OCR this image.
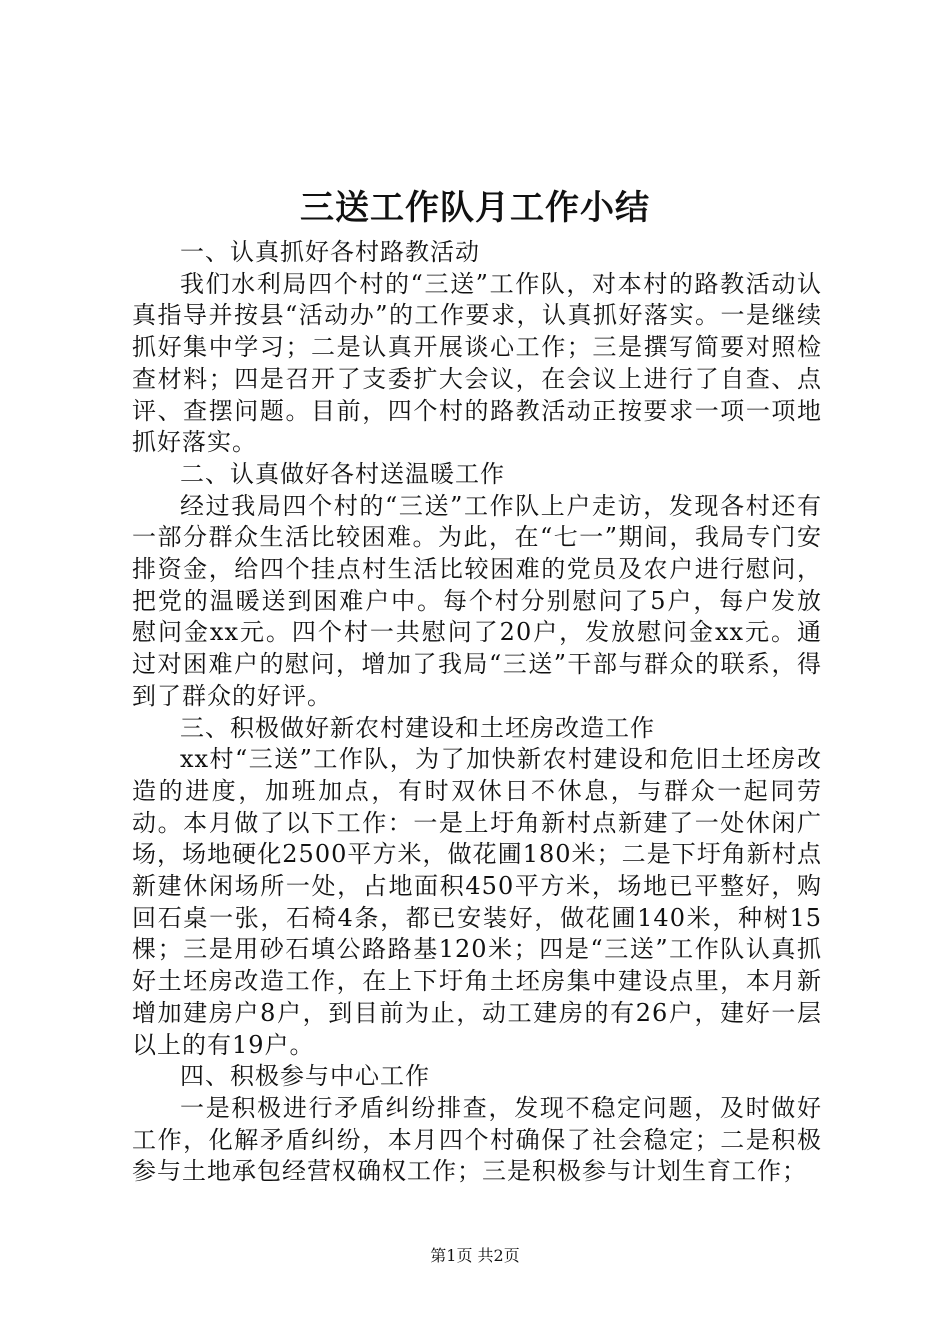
三送工作队月工作小结

一、认真抓好各村路教活动

我们水利局四个村的“三送”工作队，对本村的路教活动认真指导并按县“活动办”的工作要求，认真抓好落实。一是继续抓好集中学习；二是认真开展谈心工作；三是撰写简要对照检查材料；四是召开了支委扩大会议，在会议上进行了自查、点评、查摆问题。目前，四个村的路教活动正按要求一项一项地抓好落实。

二、认真做好各村送温暖工作

经过我局四个村的“三送”工作队上户走访，发现各村还有一部分群众生活比较困难。为此，在“七一”期间，我局专门安排资金，给四个挂点村生活比较困难的党员及农户进行慰问，把党的温暖送到困难户中。每个村分别慰问了5户，每户发放慰问金xx元。四个村一共慰问了20户，发放慰问金xx元。通过对困难户的慰问，增加了我局“三送”干部与群众的联系，得到了群众的好评。

三、积极做好新农村建设和土坯房改造工作

xx村“三送”工作队，为了加快新农村建设和危旧土坯房改造的进度，加班加点，有时双休日不休息，与群众一起同劳动。本月做了以下工作：一是上圩角新村点新建了一处休闲广场，场地硬化2500平方米，做花圃180米；二是下圩角新村点新建休闲场所一处，占地面积450平方米，场地已平整好，购回石桌一张，石椅4条，都已安装好，做花圃140米，种树15棵；三是用砂石填公路路基120米；四是“三送”工作队认真抓好土坯房改造工作，在上下圩角土坯房集中建设点里，本月新增加建房户8户，到目前为止，动工建房的有26户，建好一层以上的有19户。

四、积极参与中心工作

一是积极进行矛盾纠纷排查，发现不稳定问题，及时做好工作，化解矛盾纠纷，本月四个村确保了社会稳定；二是积极参与土地承包经营权确权工作；三是积极参与计划生育工作；

第1页 共2页
